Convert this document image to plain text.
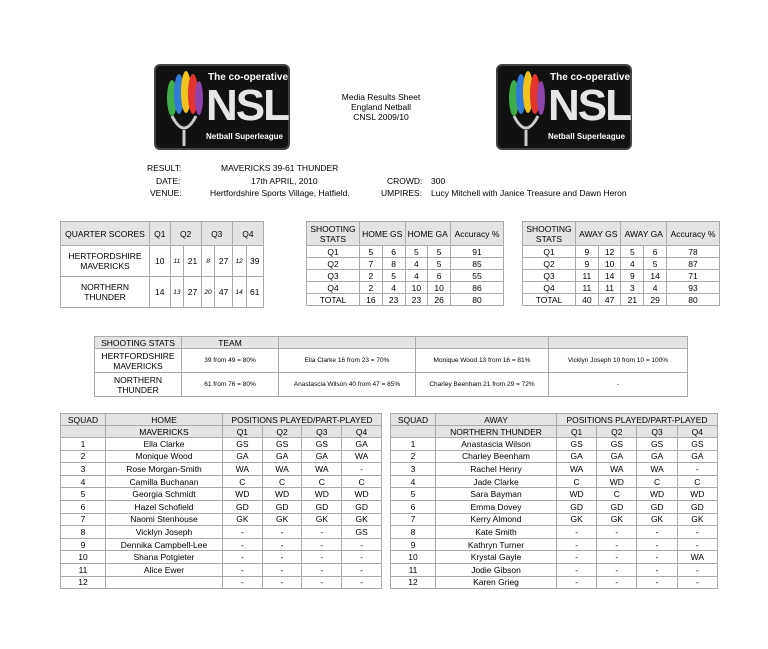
The co-operative
NSL
Netball Superleague
The co-operative
NSL
Netball Superleague
Media Results Sheet
England Netball
CNSL 2009/10
RESULT:	MAVERICKS 39-61 THUNDER
DATE:	17th APRIL, 2010
VENUE:	Hertfordshire Sports Village, Hatfield.
CROWD: 300
UMPIRES: Lucy Mitchell with Janice Treasure and Dawn Heron
QUARTER SCORES	Q1	Q2		Q3		Q4	
HERTFORDSHIRE MAVERICKS	10	11	21	8	27	12	39
NORTHERN THUNDER	14	13	27	20	47	14	61
SHOOTING STATS	HOME GS		HOME GA		Accuracy %
Q1	5	6	5	5	91
Q2	7	8	4	5	85
Q3	2	5	4	6	55
Q4	2	4	10	10	86
TOTAL	16	23	23	26	80
SHOOTING STATS	AWAY GS		AWAY GA		Accuracy %
Q1	9	12	5	6	78
Q2	9	10	4	5	87
Q3	11	14	9	14	71
Q4	11	11	3	4	93
TOTAL	40	47	21	29	80
SHOOTING STATS	TEAM			
HERTFORDSHIRE MAVERICKS	39 from 49 = 80%	Ella Clarke 16 from 23 = 70%	Monique Wood 13 from 16 = 81%	Vicklyn Joseph 10 from 10 = 100%
NORTHERN THUNDER	61 from 76 = 80%	Anastascia Wilson 40 from 47 = 85%	Charley Beenham 21 from 29 = 72%	-
SQUAD	HOME	POSITIONS PLAYED/PART-PLAYED			
	MAVERICKS	Q1	Q2	Q3	Q4
1	Ella Clarke	GS	GS	GS	GA
2	Monique Wood	GA	GA	GA	WA
3	Rose Morgan-Smith	WA	WA	WA	-
4	Camilla Buchanan	C	C	C	C
5	Georgia Schmidt	WD	WD	WD	WD
6	Hazel Schofield	GD	GD	GD	GD
7	Naomi Stenhouse	GK	GK	GK	GK
8	Vicklyn Joseph	-	-	-	GS
9	Dennika Campbell-Lee	-	-	-	-
10	Shana Potgieter	-	-	-	-
11	Alice Ewer	-	-	-	-
12		-	-	-	-
SQUAD	AWAY	POSITIONS PLAYED/PART-PLAYED			
	NORTHERN THUNDER	Q1	Q2	Q3	Q4
1	Anastascia Wilson	GS	GS	GS	GS
2	Charley Beenham	GA	GA	GA	GA
3	Rachel Henry	WA	WA	WA	-
4	Jade Clarke	C	WD	C	C
5	Sara Bayman	WD	C	WD	WD
6	Emma Dovey	GD	GD	GD	GD
7	Kerry Almond	GK	GK	GK	GK
8	Kate Smith	-	-	-	-
9	Kathryn Turner	-	-	-	-
10	Krystal Gayle	-	-	-	WA
11	Jodie Gibson	-	-	-	-
12	Karen Grieg	-	-	-	-
